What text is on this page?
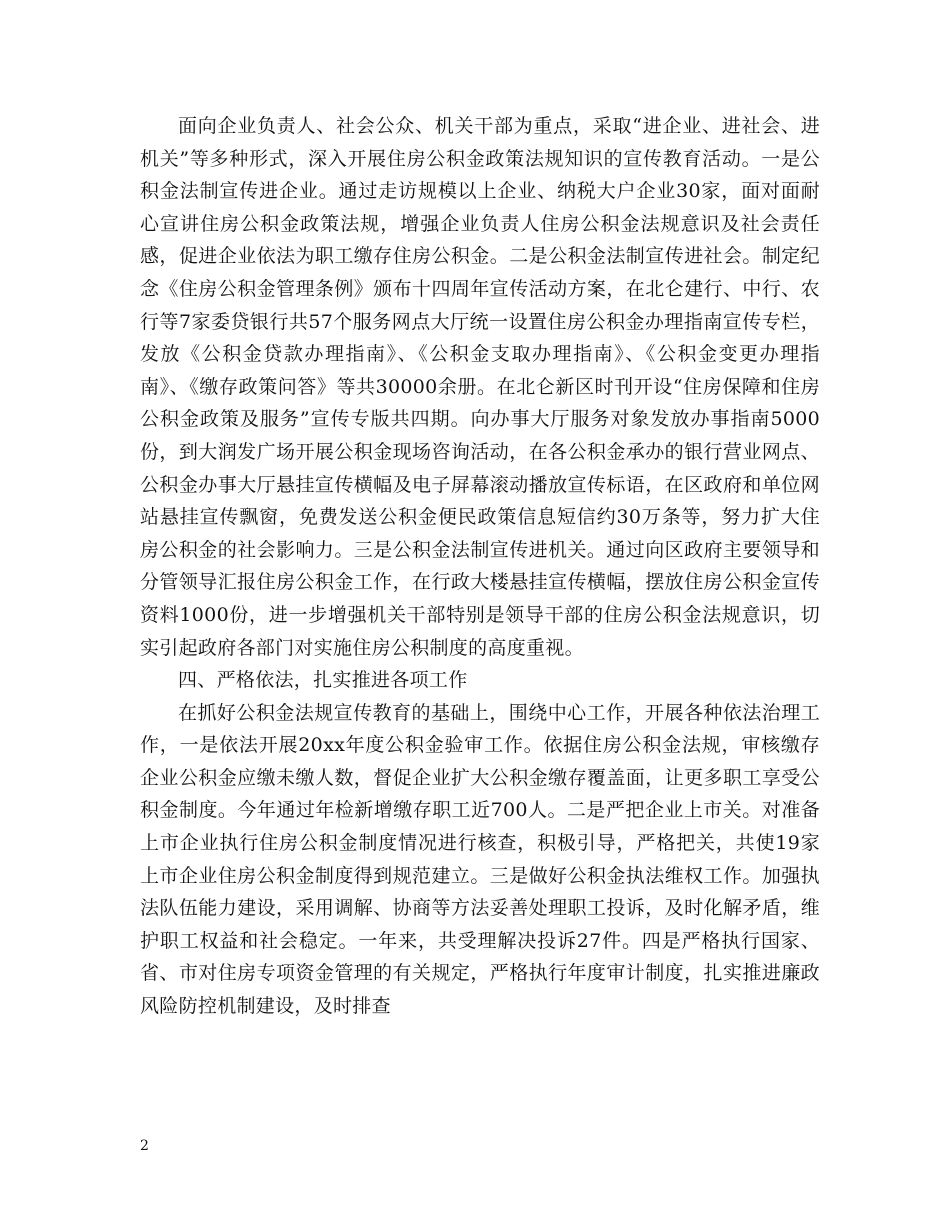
面向企业负责人、社会公众、机关干部为重点，采取“进企业、进社会、进机关”等多种形式，深入开展住房公积金政策法规知识的宣传教育活动。一是公积金法制宣传进企业。通过走访规模以上企业、纳税大户企业30家，面对面耐心宣讲住房公积金政策法规，增强企业负责人住房公积金法规意识及社会责任感，促进企业依法为职工缴存住房公积金。二是公积金法制宣传进社会。制定纪念《住房公积金管理条例》颁布十四周年宣传活动方案，在北仑建行、中行、农行等7家委贷银行共57个服务网点大厅统一设置住房公积金办理指南宣传专栏，发放《公积金贷款办理指南》、《公积金支取办理指南》、《公积金变更办理指南》、《缴存政策问答》等共30000余册。在北仑新区时刊开设“住房保障和住房公积金政策及服务”宣传专版共四期。向办事大厅服务对象发放办事指南5000份，到大润发广场开展公积金现场咨询活动，在各公积金承办的银行营业网点、公积金办事大厅悬挂宣传横幅及电子屏幕滚动播放宣传标语，在区政府和单位网站悬挂宣传飘窗，免费发送公积金便民政策信息短信约30万条等，努力扩大住房公积金的社会影响力。三是公积金法制宣传进机关。通过向区政府主要领导和分管领导汇报住房公积金工作，在行政大楼悬挂宣传横幅，摆放住房公积金宣传资料1000份，进一步增强机关干部特别是领导干部的住房公积金法规意识，切实引起政府各部门对实施住房公积制度的高度重视。

四、严格依法，扎实推进各项工作

在抓好公积金法规宣传教育的基础上，围绕中心工作，开展各种依法治理工作，一是依法开展20xx年度公积金验审工作。依据住房公积金法规，审核缴存企业公积金应缴未缴人数，督促企业扩大公积金缴存覆盖面，让更多职工享受公积金制度。今年通过年检新增缴存职工近700人。二是严把企业上市关。对准备上市企业执行住房公积金制度情况进行核查，积极引导，严格把关，共使19家上市企业住房公积金制度得到规范建立。三是做好公积金执法维权工作。加强执法队伍能力建设，采用调解、协商等方法妥善处理职工投诉，及时化解矛盾，维护职工权益和社会稳定。一年来，共受理解决投诉27件。四是严格执行国家、省、市对住房专项资金管理的有关规定，严格执行年度审计制度，扎实推进廉政风险防控机制建设，及时排查

2
